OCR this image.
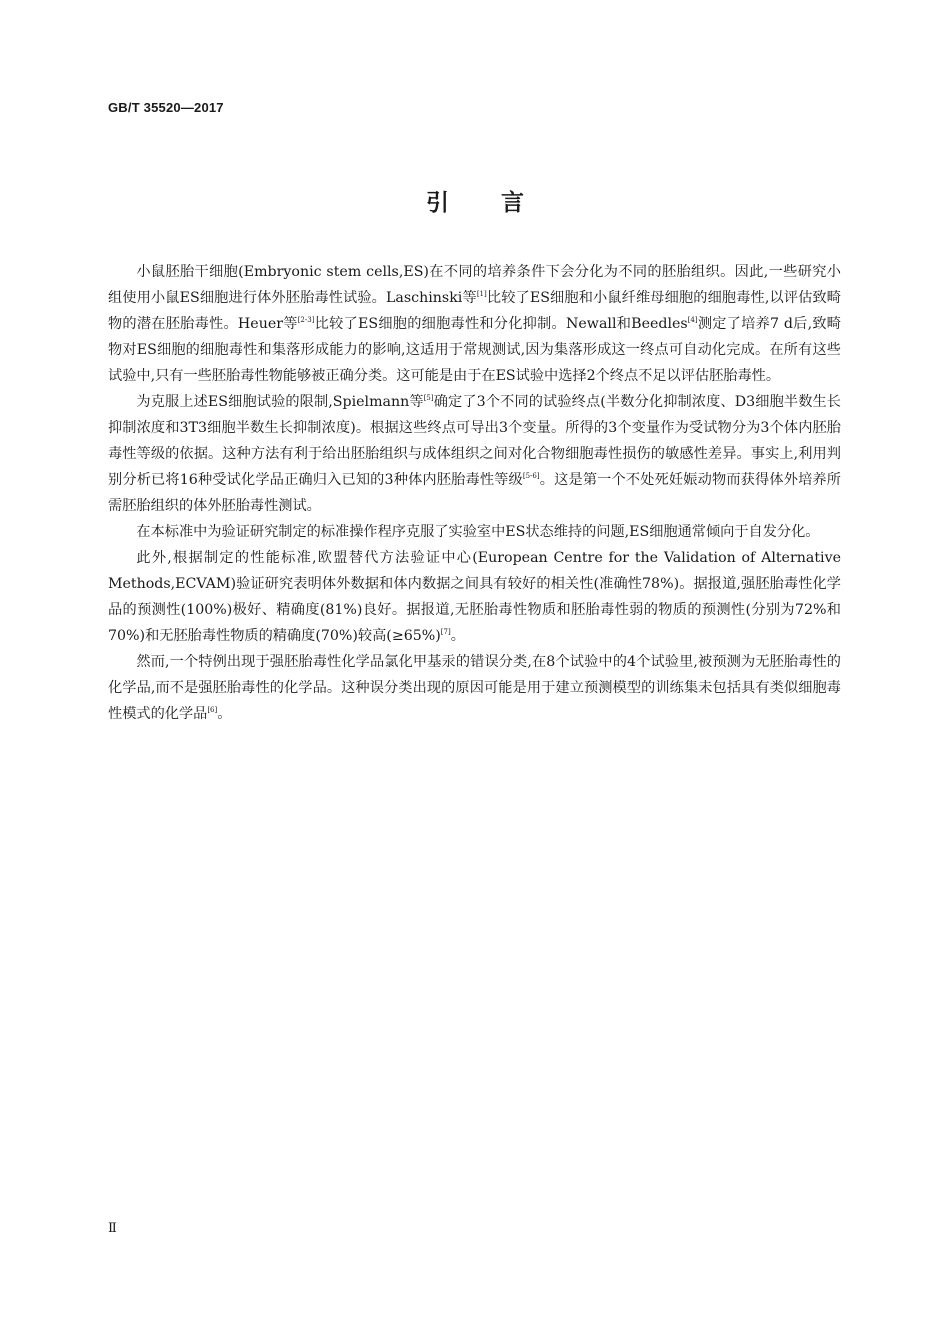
GB/T 35520—2017
引言

小鼠胚胎干细胞(Embryonic stem cells,ES)在不同的培养条件下会分化为不同的胚胎组织。因此,一些研究小组使用小鼠ES细胞进行体外胚胎毒性试验。Laschinski等[1]比较了ES细胞和小鼠纤维母细胞的细胞毒性,以评估致畸物的潜在胚胎毒性。Heuer等[2-3]比较了ES细胞的细胞毒性和分化抑制。Newall和Beedles[4]测定了培养7 d后,致畸物对ES细胞的细胞毒性和集落形成能力的影响,这适用于常规测试,因为集落形成这一终点可自动化完成。在所有这些试验中,只有一些胚胎毒性物能够被正确分类。这可能是由于在ES试验中选择2个终点不足以评估胚胎毒性。

为克服上述ES细胞试验的限制,Spielmann等[5]确定了3个不同的试验终点(半数分化抑制浓度、D3细胞半数生长抑制浓度和3T3细胞半数生长抑制浓度)。根据这些终点可导出3个变量。所得的3个变量作为受试物分为3个体内胚胎毒性等级的依据。这种方法有利于给出胚胎组织与成体组织之间对化合物细胞毒性损伤的敏感性差异。事实上,利用判别分析已将16种受试化学品正确归入已知的3种体内胚胎毒性等级[5-6]。这是第一个不处死妊娠动物而获得体外培养所需胚胎组织的体外胚胎毒性测试。

在本标准中为验证研究制定的标准操作程序克服了实验室中ES状态维持的问题,ES细胞通常倾向于自发分化。

此外,根据制定的性能标准,欧盟替代方法验证中心(European Centre for the Validation of Alternative Methods,ECVAM)验证研究表明体外数据和体内数据之间具有较好的相关性(准确性78%)。据报道,强胚胎毒性化学品的预测性(100%)极好、精确度(81%)良好。据报道,无胚胎毒性物质和胚胎毒性弱的物质的预测性(分别为72%和70%)和无胚胎毒性物质的精确度(70%)较高(≥65%)[7]。

然而,一个特例出现于强胚胎毒性化学品氯化甲基汞的错误分类,在8个试验中的4个试验里,被预测为无胚胎毒性的化学品,而不是强胚胎毒性的化学品。这种误分类出现的原因可能是用于建立预测模型的训练集未包括具有类似细胞毒性模式的化学品[6]。

Ⅱ
